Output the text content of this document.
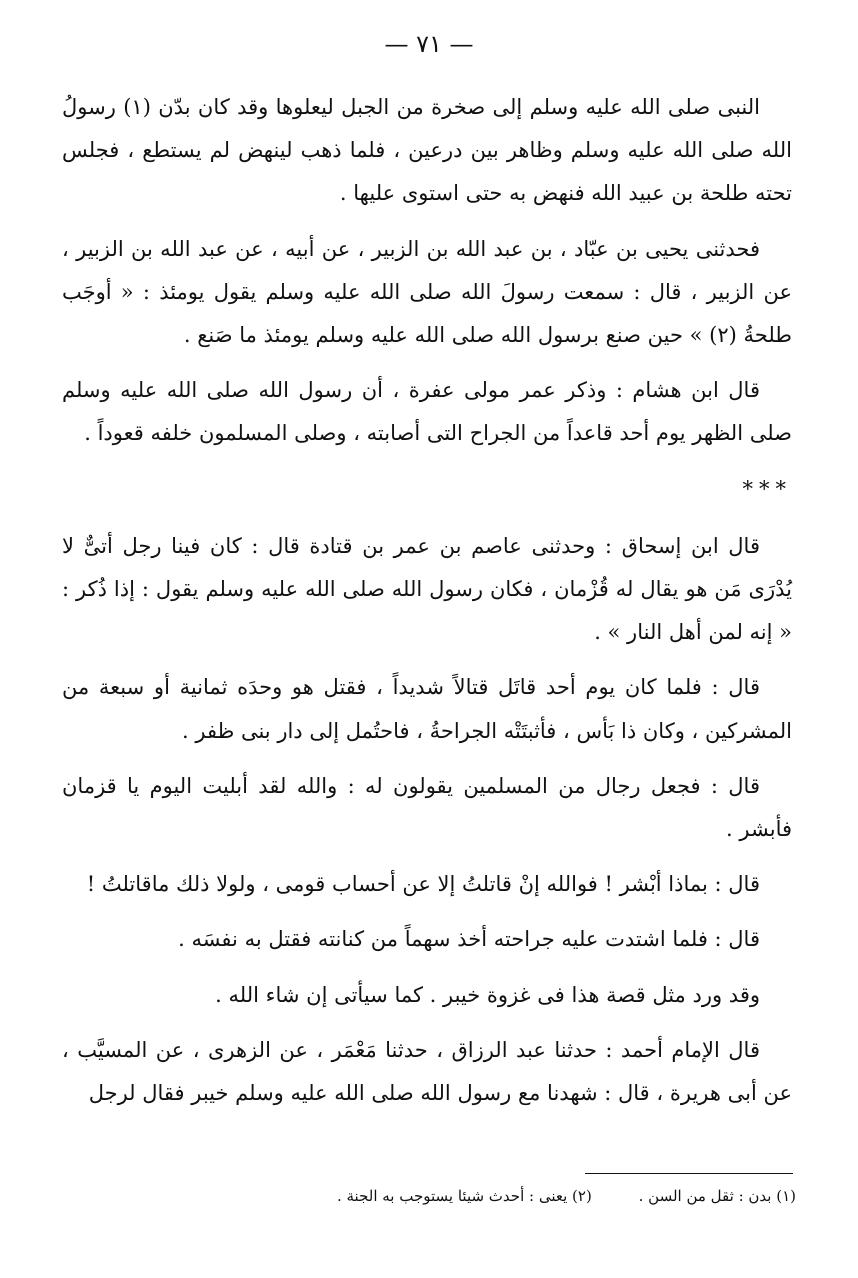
— ٧١ —

النبى صلى الله عليه وسلم إلى صخرة من الجبل ليعلوها وقد كان بدّن (١) رسولُ الله صلى الله عليه وسلم وظاهر بين درعين ، فلما ذهب لينهض لم يستطع ، فجلس تحته طلحة بن عبيد الله فنهض به حتى استوى عليها .

فحدثنى يحيى بن عبّاد ، بن عبد الله بن الزبير ، عن أبيه ، عن عبد الله بن الزبير ، عن الزبير ، قال : سمعت رسولَ الله صلى الله عليه وسلم يقول يومئذ : « أوجَب طلحةُ (٢) » حين صنع برسول الله صلى الله عليه وسلم يومئذ ما صَنع .

قال ابن هشام : وذكر عمر مولى عفرة ، أن رسول الله صلى الله عليه وسلم صلى الظهر يوم أحد قاعداً من الجراح التى أصابته ، وصلى المسلمون خلفه قعوداً .

***

قال ابن إسحاق : وحدثنى عاصم بن عمر بن قتادة قال : كان فينا رجل أتىٌّ لا يُدْرَى مَن هو يقال له قُزْمان ، فكان رسول الله صلى الله عليه وسلم يقول : إذا ذُكر : « إنه لمن أهل النار » .

قال : فلما كان يوم أحد قاتَل قتالاً شديداً ، فقتل هو وحدَه ثمانية أو سبعة من المشركين ، وكان ذا بَأس ، فأثبتَتْه الجراحةُ ، فاحتُمل إلى دار بنى ظفر .

قال : فجعل رجال من المسلمين يقولون له : والله لقد أبليت اليوم يا قزمان فأبشر .

قال : بماذا أبْشر ! فوالله إنْ قاتلتُ إلا عن أحساب قومى ، ولولا ذلك ماقاتلتُ !

قال : فلما اشتدت عليه جراحته أخذ سهماً من كنانته فقتل به نفسَه .

وقد ورد مثل قصة هذا فى غزوة خيبر . كما سيأتى إن شاء الله .

قال الإمام أحمد : حدثنا عبد الرزاق ، حدثنا مَعْمَر ، عن الزهرى ، عن المسيَّب ، عن أبى هريرة ، قال : شهدنا مع رسول الله صلى الله عليه وسلم خيبر فقال لرجل

(١) بدن : ثقل من السن . (٢) يعنى : أحدث شيئا يستوجب به الجنة .
